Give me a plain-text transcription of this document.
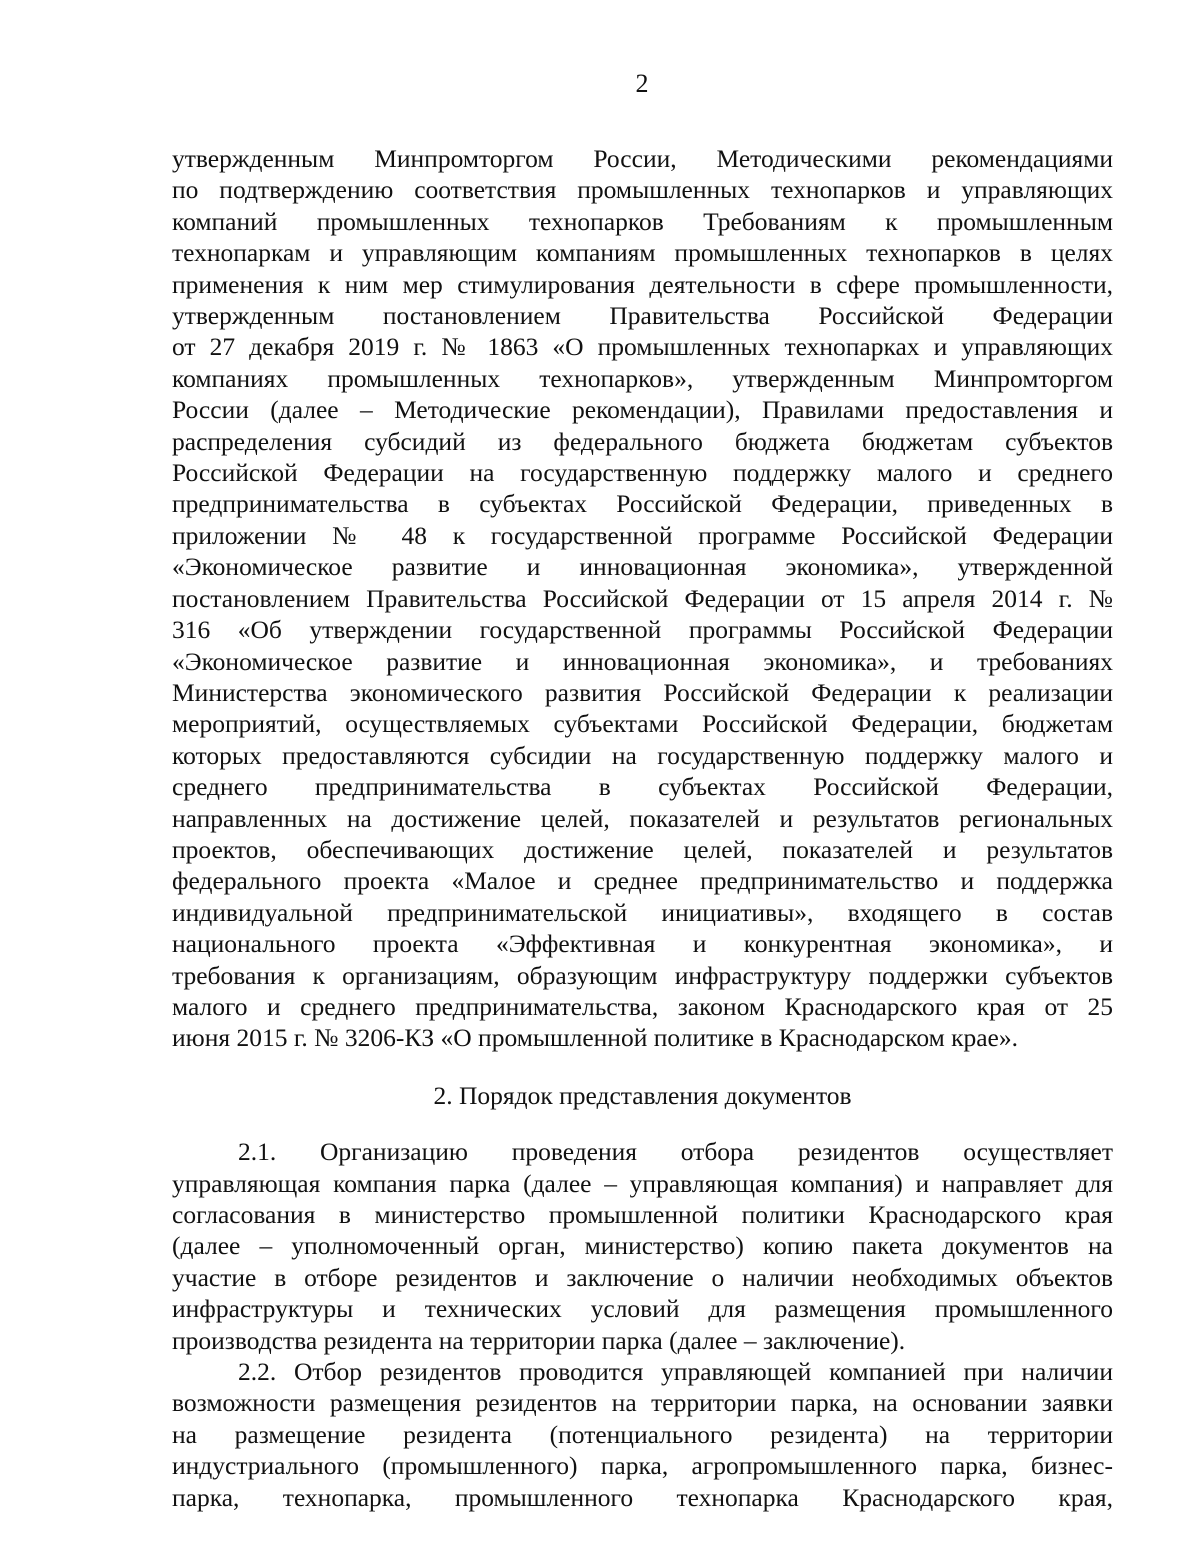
2
утвержденным Минпромторгом России, Методическими рекомендациями
по подтверждению соответствия промышленных технопарков и управляющих
компаний промышленных технопарков Требованиям к промышленным
технопаркам и управляющим компаниям промышленных технопарков в целях
применения к ним мер стимулирования деятельности в сфере промышленности,
утвержденным постановлением Правительства Российской Федерации
от 27 декабря 2019 г. № 1863 «О промышленных технопарках и управляющих
компаниях промышленных технопарков», утвержденным Минпромторгом
России (далее – Методические рекомендации), Правилами предоставления и
распределения субсидий из федерального бюджета бюджетам субъектов
Российской Федерации на государственную поддержку малого и среднего
предпринимательства в субъектах Российской Федерации, приведенных в
приложении № 48 к государственной программе Российской Федерации
«Экономическое развитие и инновационная экономика», утвержденной
постановлением Правительства Российской Федерации от 15 апреля 2014 г. №
316 «Об утверждении государственной программы Российской Федерации
«Экономическое развитие и инновационная экономика», и требованиях
Министерства экономического развития Российской Федерации к реализации
мероприятий, осуществляемых субъектами Российской Федерации, бюджетам
которых предоставляются субсидии на государственную поддержку малого и
среднего предпринимательства в субъектах Российской Федерации,
направленных на достижение целей, показателей и результатов региональных
проектов, обеспечивающих достижение целей, показателей и результатов
федерального проекта «Малое и среднее предпринимательство и поддержка
индивидуальной предпринимательской инициативы», входящего в состав
национального проекта «Эффективная и конкурентная экономика», и
требования к организациям, образующим инфраструктуру поддержки субъектов
малого и среднего предпринимательства, законом Краснодарского края от 25
июня 2015 г. № 3206-КЗ «О промышленной политике в Краснодарском крае».
2. Порядок представления документов
2.1. Организацию проведения отбора резидентов осуществляет
управляющая компания парка (далее – управляющая компания) и направляет для
согласования в министерство промышленной политики Краснодарского края
(далее – уполномоченный орган, министерство) копию пакета документов на
участие в отборе резидентов и заключение о наличии необходимых объектов
инфраструктуры и технических условий для размещения промышленного
производства резидента на территории парка (далее – заключение).
2.2. Отбор резидентов проводится управляющей компанией при наличии
возможности размещения резидентов на территории парка, на основании заявки
на размещение резидента (потенциального резидента) на территории
индустриального (промышленного) парка, агропромышленного парка, бизнес-
парка, технопарка, промышленного технопарка Краснодарского края,
